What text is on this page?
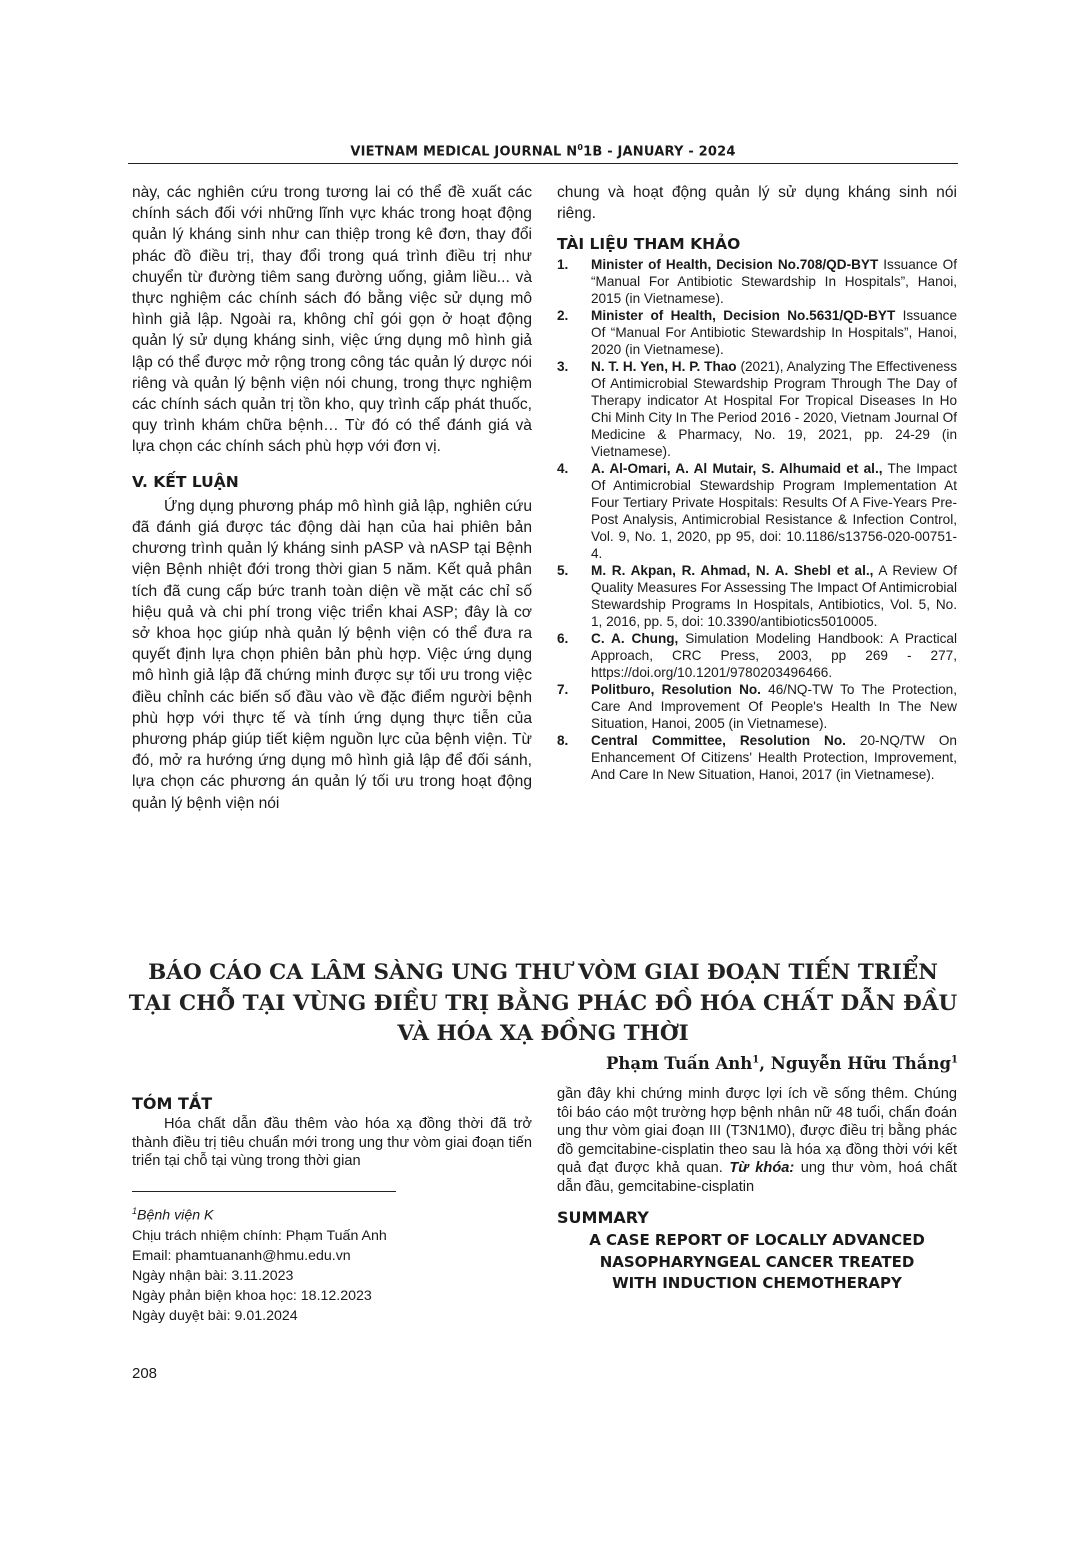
VIETNAM MEDICAL JOURNAL $N^01B$ - JANUARY - 2024

này, các nghiên cứu trong tương lai có thể đề xuất các chính sách đối với những lĩnh vực khác trong hoạt động quản lý kháng sinh như can thiệp trong kê đơn, thay đổi phác đồ điều trị, thay đổi trong quá trình điều trị như chuyển từ đường tiêm sang đường uống, giảm liều... và thực nghiệm các chính sách đó bằng việc sử dụng mô hình giả lập. Ngoài ra, không chỉ gói gọn ở hoạt động quản lý sử dụng kháng sinh, việc ứng dụng mô hình giả lập có thể được mở rộng trong công tác quản lý dược nói riêng và quản lý bệnh viện nói chung, trong thực nghiệm các chính sách quản trị tồn kho, quy trình cấp phát thuốc, quy trình khám chữa bệnh… Từ đó có thể đánh giá và lựa chọn các chính sách phù hợp với đơn vị.

V. KẾT LUẬN

Ứng dụng phương pháp mô hình giả lập, nghiên cứu đã đánh giá được tác động dài hạn của hai phiên bản chương trình quản lý kháng sinh pASP và nASP tại Bệnh viện Bệnh nhiệt đới trong thời gian 5 năm. Kết quả phân tích đã cung cấp bức tranh toàn diện về mặt các chỉ số hiệu quả và chi phí trong việc triển khai ASP; đây là cơ sở khoa học giúp nhà quản lý bệnh viện có thể đưa ra quyết định lựa chọn phiên bản phù hợp. Việc ứng dụng mô hình giả lập đã chứng minh được sự tối ưu trong việc điều chỉnh các biến số đầu vào về đặc điểm người bệnh phù hợp với thực tế và tính ứng dụng thực tiễn của phương pháp giúp tiết kiệm nguồn lực của bệnh viện. Từ đó, mở ra hướng ứng dụng mô hình giả lập để đối sánh, lựa chọn các phương án quản lý tối ưu trong hoạt động quản lý bệnh viện nói

chung và hoạt động quản lý sử dụng kháng sinh nói riêng.

TÀI LIỆU THAM KHẢO

1.	Minister of Health, Decision No.708/QD-BYT Issuance Of “Manual For Antibiotic Stewardship In Hospitals”, Hanoi, 2015 (in Vietnamese).
2.	Minister of Health, Decision No.5631/QD-BYT Issuance Of “Manual For Antibiotic Stewardship In Hospitals”, Hanoi, 2020 (in Vietnamese).
3.	N. T. H. Yen, H. P. Thao (2021), Analyzing The Effectiveness Of Antimicrobial Stewardship Program Through The Day of Therapy indicator At Hospital For Tropical Diseases In Ho Chi Minh City In The Period 2016 - 2020, Vietnam Journal Of Medicine & Pharmacy, No. 19, 2021, pp. 24-29 (in Vietnamese).
4.	A. Al-Omari, A. Al Mutair, S. Alhumaid et al., The Impact Of Antimicrobial Stewardship Program Implementation At Four Tertiary Private Hospitals: Results Of A Five-Years Pre-Post Analysis, Antimicrobial Resistance & Infection Control, Vol. 9, No. 1, 2020, pp 95, doi: 10.1186/s13756-020-00751-4.
5.	M. R. Akpan, R. Ahmad, N. A. Shebl et al., A Review Of Quality Measures For Assessing The Impact Of Antimicrobial Stewardship Programs In Hospitals, Antibiotics, Vol. 5, No. 1, 2016, pp. 5, doi: 10.3390/antibiotics5010005.
6.	C. A. Chung, Simulation Modeling Handbook: A Practical Approach, CRC Press, 2003, pp 269 - 277, https://doi.org/10.1201/9780203496466.
7.	Politburo, Resolution No. 46/NQ-TW To The Protection, Care And Improvement Of People's Health In The New Situation, Hanoi, 2005 (in Vietnamese).
8.	Central Committee, Resolution No. 20-NQ/TW On Enhancement Of Citizens' Health Protection, Improvement, And Care In New Situation, Hanoi, 2017 (in Vietnamese).
BÁO CÁO CA LÂM SÀNG UNG THƯ VÒM GIAI ĐOẠN TIẾN TRIỂN
TẠI CHỖ TẠI VÙNG ĐIỀU TRỊ BẰNG PHÁC ĐỒ HÓA CHẤT DẪN ĐẦU
VÀ HÓA XẠ ĐỒNG THỜI
Phạm Tuấn Anh$^1$, Nguyễn Hữu Thắng$^1$

TÓM TẮT

Hóa chất dẫn đầu thêm vào hóa xạ đồng thời đã trở thành điều trị tiêu chuẩn mới trong ung thư vòm giai đoạn tiến triển tại chỗ tại vùng trong thời gian

$^1$Bệnh viện K
Chịu trách nhiệm chính: Phạm Tuấn Anh
Email: phamtuananh@hmu.edu.vn
Ngày nhận bài: 3.11.2023
Ngày phản biện khoa học: 18.12.2023
Ngày duyệt bài: 9.01.2024

gần đây khi chứng minh được lợi ích về sống thêm. Chúng tôi báo cáo một trường hợp bệnh nhân nữ 48 tuổi, chẩn đoán ung thư vòm giai đoạn III (T3N1M0), được điều trị bằng phác đồ gemcitabine-cisplatin theo sau là hóa xạ đồng thời với kết quả đạt được khả quan. Từ khóa: ung thư vòm, hoá chất dẫn đầu, gemcitabine-cisplatin

SUMMARY

A CASE REPORT OF LOCALLY ADVANCED
NASOPHARYNGEAL CANCER TREATED
WITH INDUCTION CHEMOTHERAPY
208
